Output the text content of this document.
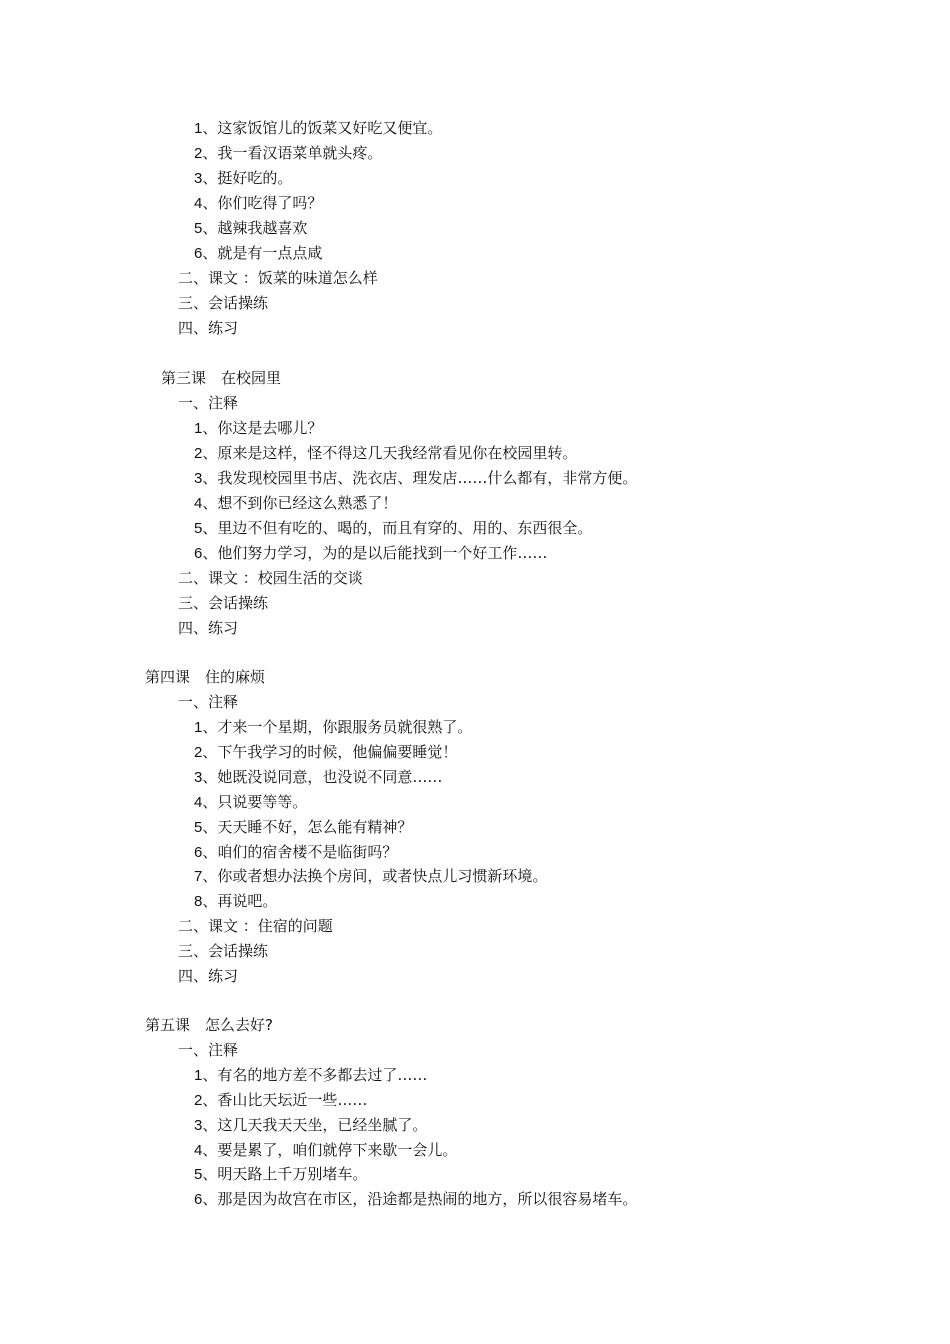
1、这家饭馆儿的饭菜又好吃又便宜。
2、我一看汉语菜单就头疼。
3、挺好吃的。
4、你们吃得了吗？
5、越辣我越喜欢
6、就是有一点点咸
二、课文 ：饭菜的味道怎么样
三、会话操练
四、练习
第三课　在校园里
一、注释
1、你这是去哪儿？
2、原来是这样，怪不得这几天我经常看见你在校园里转。
3、我发现校园里书店、洗衣店、理发店……什么都有，非常方便。
4、想不到你已经这么熟悉了！
5、里边不但有吃的、喝的，而且有穿的、用的、东西很全。
6、他们努力学习，为的是以后能找到一个好工作……
二、课文 ：校园生活的交谈
三、会话操练
四、练习
第四课　住的麻烦
一、注释
1、才来一个星期，你跟服务员就很熟了。
2、下午我学习的时候，他偏偏要睡觉！
3、她既没说同意，也没说不同意……
4、只说要等等。
5、天天睡不好，怎么能有精神？
6、咱们的宿舍楼不是临街吗？
7、你或者想办法换个房间，或者快点儿习惯新环境。
8、再说吧。
二、课文 ：住宿的问题
三、会话操练
四、练习
第五课　怎么去好?
一、注释
1、有名的地方差不多都去过了……
2、香山比天坛近一些……
3、这几天我天天坐，已经坐腻了。
4、要是累了，咱们就停下来歇一会儿。
5、明天路上千万别堵车。
6、那是因为故宫在市区，沿途都是热闹的地方，所以很容易堵车。
